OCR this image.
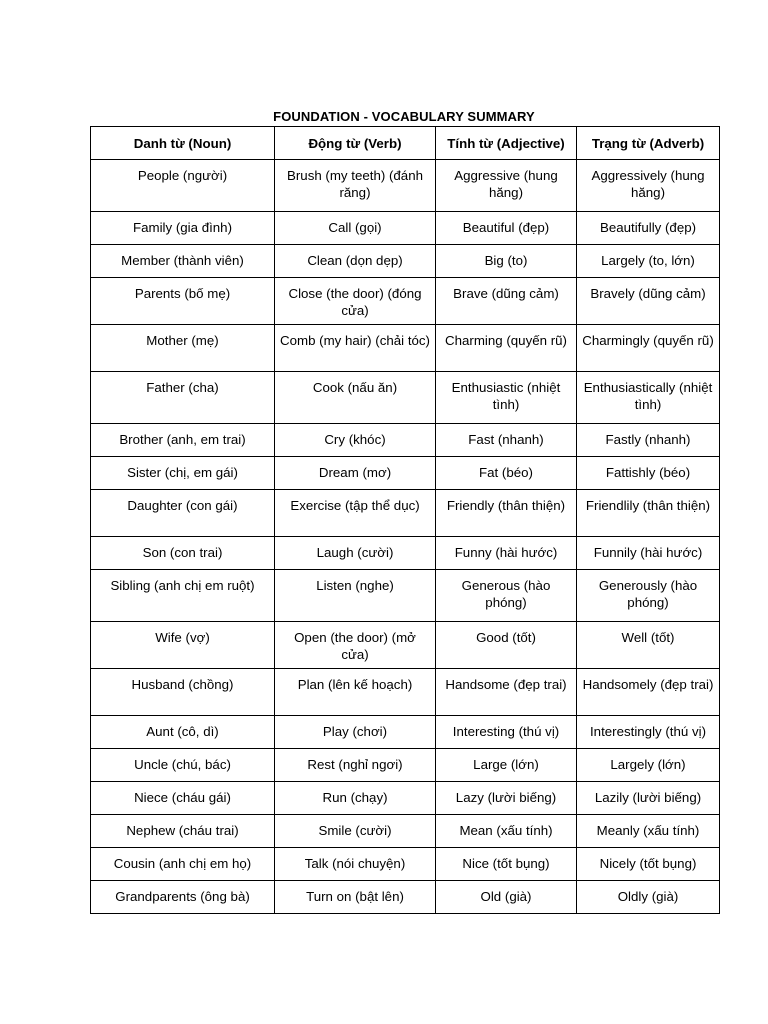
FOUNDATION - VOCABULARY SUMMARY
Danh từ (Noun)	Động từ (Verb)	Tính từ (Adjective)	Trạng từ (Adverb)
People (người)	Brush (my teeth) (đánh răng)	Aggressive (hung hăng)	Aggressively (hung hăng)
Family (gia đình)	Call (gọi)	Beautiful (đẹp)	Beautifully (đẹp)
Member (thành viên)	Clean (dọn dẹp)	Big (to)	Largely (to, lớn)
Parents (bố mẹ)	Close (the door) (đóng cửa)	Brave (dũng cảm)	Bravely (dũng cảm)
Mother (mẹ)	Comb (my hair) (chải tóc)	Charming (quyến rũ)	Charmingly (quyến rũ)
Father (cha)	Cook (nấu ăn)	Enthusiastic (nhiệt tình)	Enthusiastically (nhiệt tình)
Brother (anh, em trai)	Cry (khóc)	Fast (nhanh)	Fastly (nhanh)
Sister (chị, em gái)	Dream (mơ)	Fat (béo)	Fattishly (béo)
Daughter (con gái)	Exercise (tập thể dục)	Friendly (thân thiện)	Friendlily (thân thiện)
Son (con trai)	Laugh (cười)	Funny (hài hước)	Funnily (hài hước)
Sibling (anh chị em ruột)	Listen (nghe)	Generous (hào phóng)	Generously (hào phóng)
Wife (vợ)	Open (the door) (mở cửa)	Good (tốt)	Well (tốt)
Husband (chồng)	Plan (lên kế hoạch)	Handsome (đẹp trai)	Handsomely (đẹp trai)
Aunt (cô, dì)	Play (chơi)	Interesting (thú vị)	Interestingly (thú vị)
Uncle (chú, bác)	Rest (nghỉ ngơi)	Large (lớn)	Largely (lớn)
Niece (cháu gái)	Run (chạy)	Lazy (lười biếng)	Lazily (lười biếng)
Nephew (cháu trai)	Smile (cười)	Mean (xấu tính)	Meanly (xấu tính)
Cousin (anh chị em họ)	Talk (nói chuyện)	Nice (tốt bụng)	Nicely (tốt bụng)
Grandparents (ông bà)	Turn on (bật lên)	Old (già)	Oldly (già)
